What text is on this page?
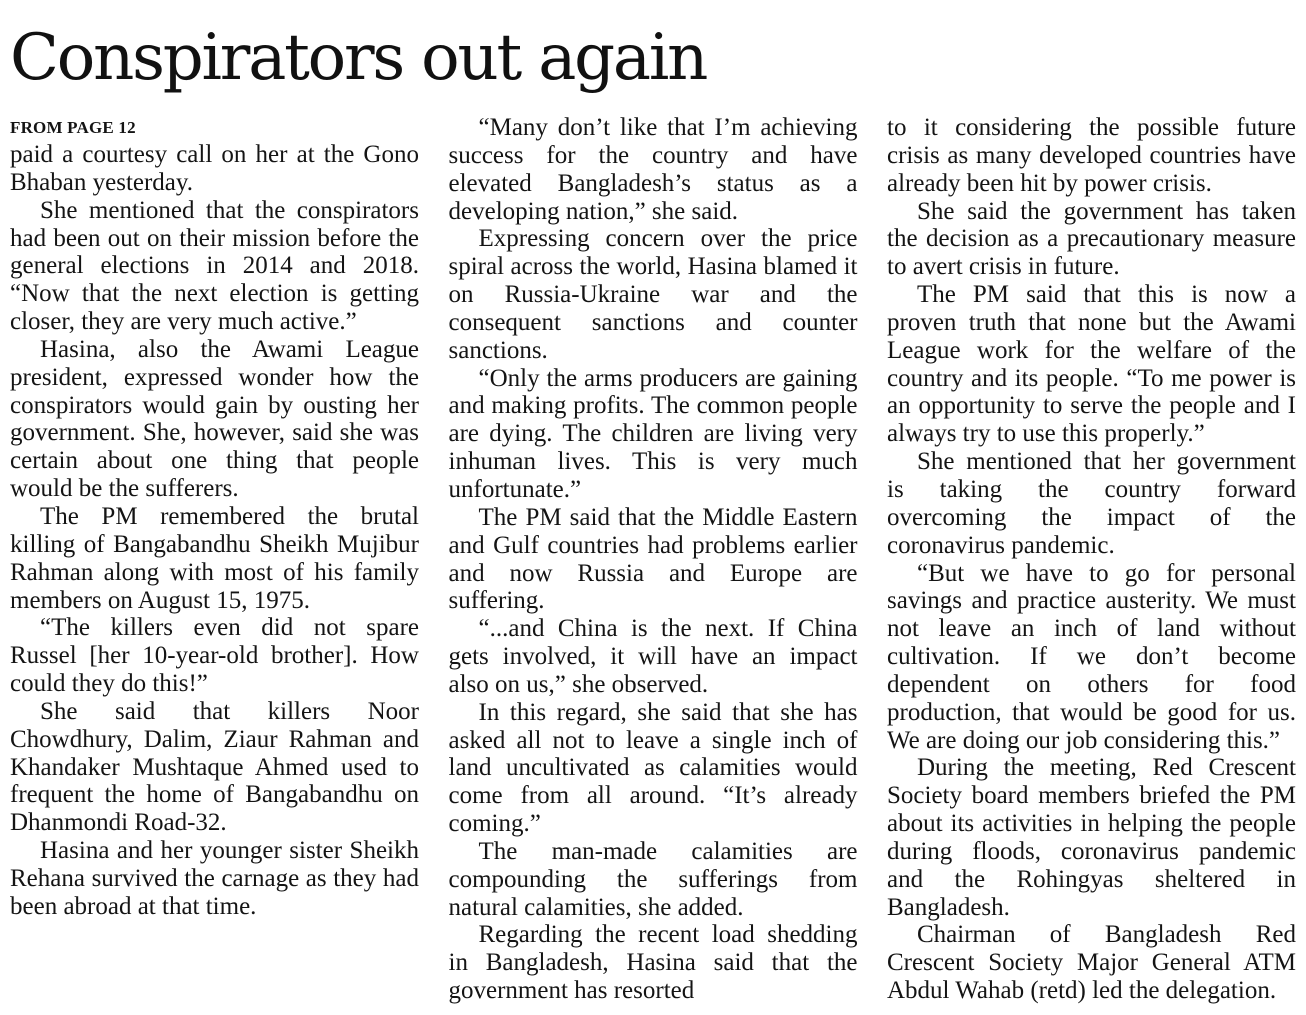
Conspirators out again
FROM PAGE 12

paid a courtesy call on her at the Gono Bhaban yesterday.

She mentioned that the conspirators had been out on their mission before the general elections in 2014 and 2018. “Now that the next election is getting closer, they are very much active.”

Hasina, also the Awami League president, expressed wonder how the conspirators would gain by ousting her government. She, however, said she was certain about one thing that people would be the sufferers.

The PM remembered the brutal killing of Bangabandhu Sheikh Mujibur Rahman along with most of his family members on August 15, 1975.

“The killers even did not spare Russel [her 10-year-old brother]. How could they do this!”

She said that killers Noor Chowdhury, Dalim, Ziaur Rahman and Khandaker Mushtaque Ahmed used to frequent the home of Bangabandhu on Dhanmondi Road-32.

Hasina and her younger sister Sheikh Rehana survived the carnage as they had been abroad at that time.

“Many don’t like that I’m achieving success for the country and have elevated Bangladesh’s status as a developing nation,” she said.

Expressing concern over the price spiral across the world, Hasina blamed it on Russia-Ukraine war and the consequent sanctions and counter sanctions.

“Only the arms producers are gaining and making profits. The common people are dying. The children are living very inhuman lives. This is very much unfortunate.”

The PM said that the Middle Eastern and Gulf countries had problems earlier and now Russia and Europe are suffering.

“...and China is the next. If China gets involved, it will have an impact also on us,” she observed.

In this regard, she said that she has asked all not to leave a single inch of land uncultivated as calamities would come from all around. “It’s already coming.”

The man-made calamities are compounding the sufferings from natural calamities, she added.

Regarding the recent load shedding in Bangladesh, Hasina said that the government has resorted

to it considering the possible future crisis as many developed countries have already been hit by power crisis.

She said the government has taken the decision as a precautionary measure to avert crisis in future.

The PM said that this is now a proven truth that none but the Awami League work for the welfare of the country and its people. “To me power is an opportunity to serve the people and I always try to use this properly.”

She mentioned that her government is taking the country forward overcoming the impact of the coronavirus pandemic.

“But we have to go for personal savings and practice austerity. We must not leave an inch of land without cultivation. If we don’t become dependent on others for food production, that would be good for us. We are doing our job considering this.”

During the meeting, Red Crescent Society board members briefed the PM about its activities in helping the people during floods, coronavirus pandemic and the Rohingyas sheltered in Bangladesh.

Chairman of Bangladesh Red Crescent Society Major General ATM Abdul Wahab (retd) led the delegation.
